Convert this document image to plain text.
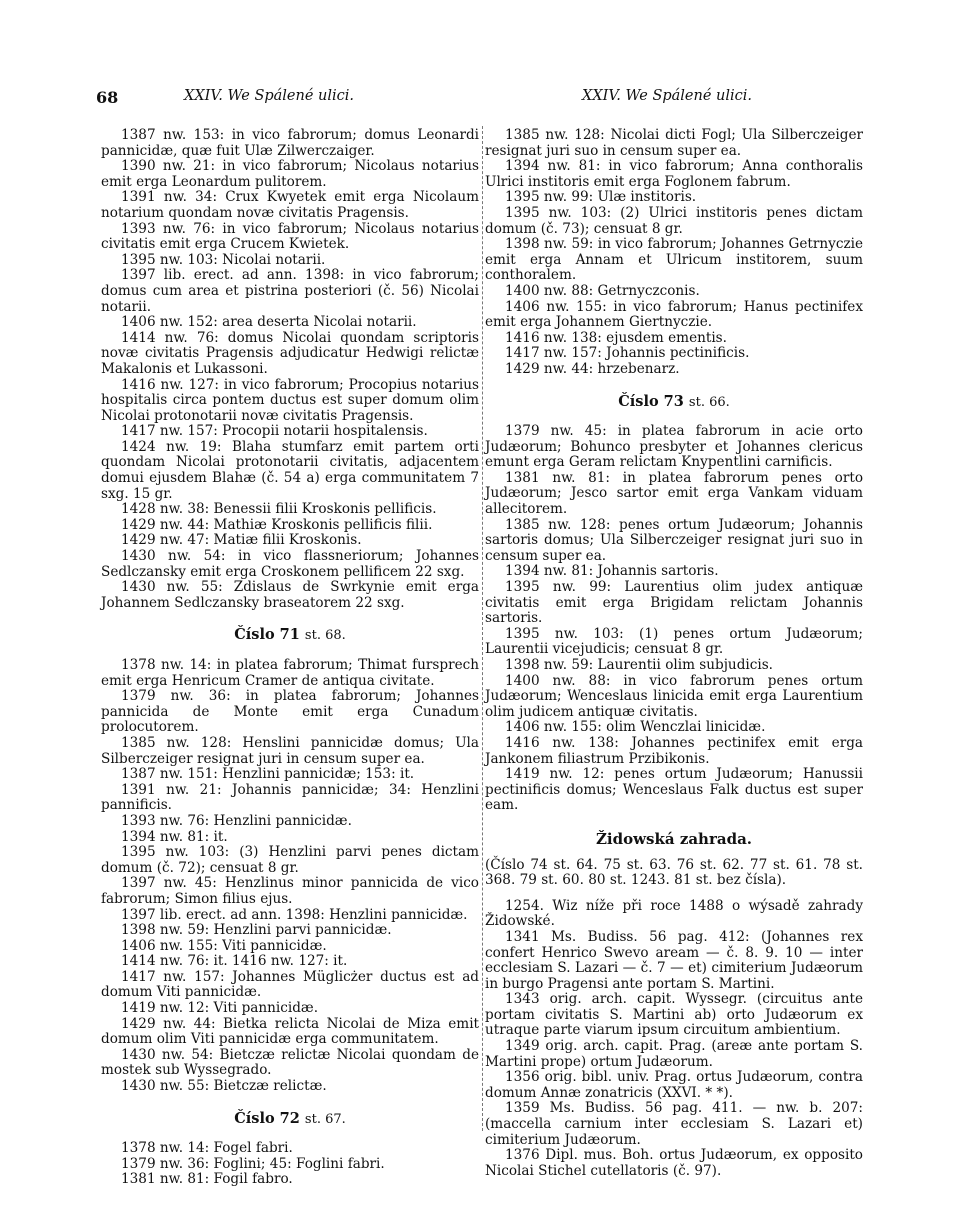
68	XXIV. We Spálené ulici.	XXIV. We Spálené ulici.

1387 nw. 153: in vico fabrorum; domus Leonardi pannicidæ, quæ fuit Ulæ Zilwerczaiger.

1390 nw. 21: in vico fabrorum; Nicolaus notarius emit erga Leonardum pulitorem.

1391 nw. 34: Crux Kwyetek emit erga Nicolaum notarium quondam novæ civitatis Pragensis.

1393 nw. 76: in vico fabrorum; Nicolaus notarius civitatis emit erga Crucem Kwietek.

1395 nw. 103: Nicolai notarii.

1397 lib. erect. ad ann. 1398: in vico fabrorum; domus cum area et pistrina posteriori (č. 56) Nicolai notarii.

1406 nw. 152: area deserta Nicolai notarii.

1414 nw. 76: domus Nicolai quondam scriptoris novæ civitatis Pragensis adjudicatur Hedwigi relictæ Makalonis et Lukassoni.

1416 nw. 127: in vico fabrorum; Procopius notarius hospitalis circa pontem ductus est super domum olim Nicolai protonotarii novæ civitatis Pragensis.

1417 nw. 157: Procopii notarii hospitalensis.

1424 nw. 19: Blaha stumfarz emit partem orti quondam Nicolai protonotarii civitatis, adjacentem domui ejusdem Blahæ (č. 54 a) erga communitatem 7 sxg. 15 gr.

1428 nw. 38: Benessii filii Kroskonis pellificis.

1429 nw. 44: Mathiæ Kroskonis pellificis filii.

1429 nw. 47: Matiæ filii Kroskonis.

1430 nw. 54: in vico flassneriorum; Johannes Sedlczansky emit erga Croskonem pellificem 22 sxg.

1430 nw. 55: Zdislaus de Swrkynie emit erga Johannem Sedlczansky braseatorem 22 sxg.

Číslo 71 st. 68.

1378 nw. 14: in platea fabrorum; Thimat fursprech emit erga Henricum Cramer de antiqua civitate.

1379 nw. 36: in platea fabrorum; Johannes pannicida de Monte emit erga Cunadum prolocutorem.

1385 nw. 128: Henslini pannicidæ domus; Ula Silberczeiger resignat juri in censum super ea.

1387 nw. 151: Henzlini pannicidæ; 153: it.

1391 nw. 21: Johannis pannicidæ; 34: Henzlini pannificis.

1393 nw. 76: Henzlini pannicidæ.

1394 nw. 81: it.

1395 nw. 103: (3) Henzlini parvi penes dictam domum (č. 72); censuat 8 gr.

1397 nw. 45: Henzlinus minor pannicida de vico fabrorum; Simon filius ejus.

1397 lib. erect. ad ann. 1398: Henzlini pannicidæ.

1398 nw. 59: Henzlini parvi pannicidæ.

1406 nw. 155: Viti pannicidæ.

1414 nw. 76: it. 1416 nw. 127: it.

1417 nw. 157: Johannes Müglicżer ductus est ad domum Viti pannicidæ.

1419 nw. 12: Viti pannicidæ.

1429 nw. 44: Bietka relicta Nicolai de Miza emit domum olim Viti pannicidæ erga communitatem.

1430 nw. 54: Bietczæ relictæ Nicolai quondam de mostek sub Wyssegrado.

1430 nw. 55: Bietczæ relictæ.

Číslo 72 st. 67.

1378 nw. 14: Fogel fabri.

1379 nw. 36: Foglini; 45: Foglini fabri.

1381 nw. 81: Fogil fabro.

1385 nw. 128: Nicolai dicti Fogl; Ula Silberczeiger resignat juri suo in censum super ea.

1394 nw. 81: in vico fabrorum; Anna conthoralis Ulrici institoris emit erga Foglonem fabrum.

1395 nw. 99: Ulæ institoris.

1395 nw. 103: (2) Ulrici institoris penes dictam domum (č. 73); censuat 8 gr.

1398 nw. 59: in vico fabrorum; Johannes Getrnyczie emit erga Annam et Ulricum institorem, suum conthoralem.

1400 nw. 88: Getrnyczconis.

1406 nw. 155: in vico fabrorum; Hanus pectinifex emit erga Johannem Giertnyczie.

1416 nw. 138: ejusdem ementis.

1417 nw. 157: Johannis pectinificis.

1429 nw. 44: hrzebenarz.

Číslo 73 st. 66.

1379 nw. 45: in platea fabrorum in acie orto Judæorum; Bohunco presbyter et Johannes clericus emunt erga Geram relictam Knypentlini carnificis.

1381 nw. 81: in platea fabrorum penes orto Judæorum; Jesco sartor emit erga Vankam viduam allecitorem.

1385 nw. 128: penes ortum Judæorum; Johannis sartoris domus; Ula Silberczeiger resignat juri suo in censum super ea.

1394 nw. 81: Johannis sartoris.

1395 nw. 99: Laurentius olim judex antiquæ civitatis emit erga Brigidam relictam Johannis sartoris.

1395 nw. 103: (1) penes ortum Judæorum; Laurentii vicejudicis; censuat 8 gr.

1398 nw. 59: Laurentii olim subjudicis.

1400 nw. 88: in vico fabrorum penes ortum Judæorum; Wenceslaus linicida emit erga Laurentium olim judicem antiquæ civitatis.

1406 nw. 155: olim Wenczlai linicidæ.

1416 nw. 138: Johannes pectinifex emit erga Jankonem filiastrum Przibikonis.

1419 nw. 12: penes ortum Judæorum; Hanussii pectinificis domus; Wenceslaus Falk ductus est super eam.

Židowská zahrada.

(Číslo 74 st. 64. 75 st. 63. 76 st. 62. 77 st. 61. 78 st. 368. 79 st. 60. 80 st. 1243. 81 st. bez čísla).

1254. Wiz níže při roce 1488 o wýsadě zahrady Židowské.

1341 Ms. Budiss. 56 pag. 412: (Johannes rex confert Henrico Swevo aream — č. 8. 9. 10 — inter ecclesiam S. Lazari — č. 7 — et) cimiterium Judæorum in burgo Pragensi ante portam S. Martini.

1343 orig. arch. capit. Wyssegr. (circuitus ante portam civitatis S. Martini ab) orto Judæorum ex utraque parte viarum ipsum circuitum ambientium.

1349 orig. arch. capit. Prag. (areæ ante portam S. Martini prope) ortum Judæorum.

1356 orig. bibl. univ. Prag. ortus Judæorum, contra domum Annæ zonatricis (XXVI. * *).

1359 Ms. Budiss. 56 pag. 411. — nw. b. 207: (maccella carnium inter ecclesiam S. Lazari et) cimiterium Judæorum.

1376 Dipl. mus. Boh. ortus Judæorum, ex opposito Nicolai Stichel cutellatoris (č. 97).
